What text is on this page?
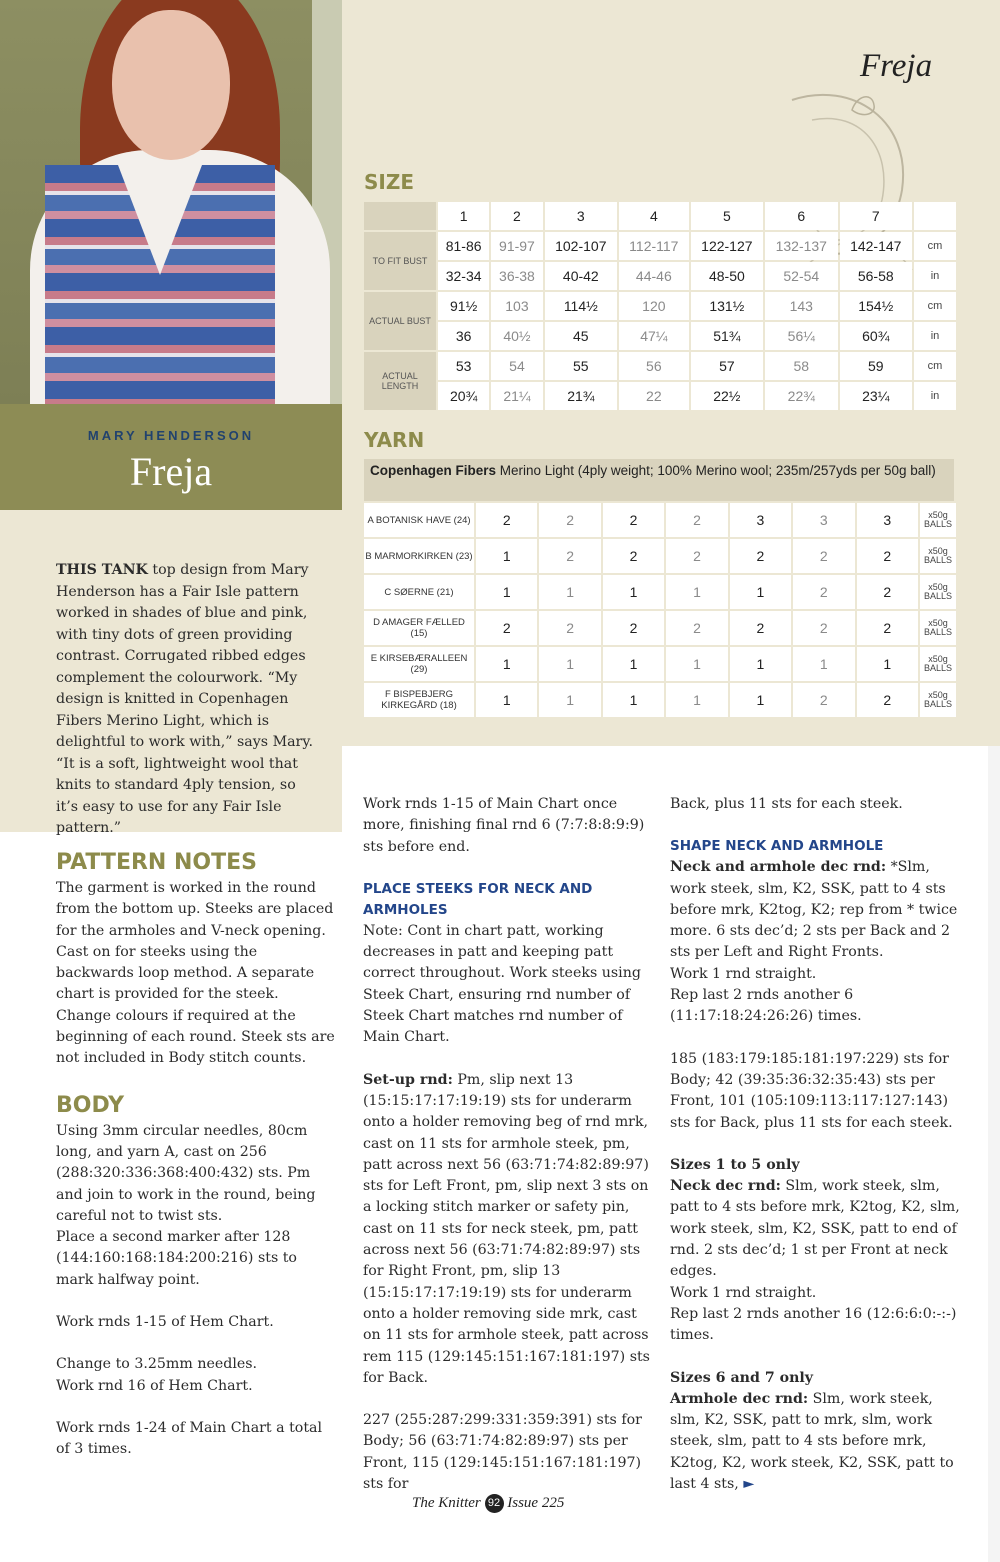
MARY HENDERSON
Freja
THIS TANK top design from Mary Henderson has a Fair Isle pattern worked in shades of blue and pink, with tiny dots of green providing contrast. Corrugated ribbed edges complement the colourwork. “My design is knitted in Copenhagen Fibers Merino Light, which is delightful to work with,” says Mary. “It is a soft, lightweight wool that knits to standard 4ply tension, so it’s easy to use for any Fair Isle pattern.”
Freja
SIZE
	1	2	3	4	5	6	7	
TO FIT BUST	81-86	91-97	102-107	112-117	122-127	132-137	142-147	cm
	32-34	36-38	40-42	44-46	48-50	52-54	56-58	in
ACTUAL BUST	91½	103	114½	120	131½	143	154½	cm
	36	40½	45	47¼	51¾	56¼	60¾	in
ACTUAL LENGTH	53	54	55	56	57	58	59	cm
	20¾	21¼	21¾	22	22½	22¾	23¼	in
YARN
Copenhagen Fibers Merino Light (4ply weight; 100% Merino wool; 235m/257yds per 50g ball)
A BOTANISK HAVE (24)	2	2	2	2	3	3	3	x50g BALLS
B MARMORKIRKEN (23)	1	2	2	2	2	2	2	x50g BALLS
C SØERNE (21)	1	1	1	1	1	2	2	x50g BALLS
D AMAGER FÆLLED (15)	2	2	2	2	2	2	2	x50g BALLS
E KIRSEBÆRALLEEN (29)	1	1	1	1	1	1	1	x50g BALLS
F BISPEBJERG KIRKEGÅRD (18)	1	1	1	1	1	2	2	x50g BALLS
PATTERN NOTES

The garment is worked in the round from the bottom up. Steeks are placed for the armholes and V-neck opening. Cast on for steeks using the backwards loop method. A separate chart is provided for the steek. Change colours if required at the beginning of each round. Steek sts are not included in Body stitch counts.

BODY

Using 3mm circular needles, 80cm long, and yarn A, cast on 256 (288:320:336:368:400:432) sts. Pm and join to work in the round, being careful not to twist sts.

Place a second marker after 128 (144:160:168:184:200:216) sts to mark halfway point.

Work rnds 1-15 of Hem Chart.

Change to 3.25mm needles.

Work rnd 16 of Hem Chart.

Work rnds 1-24 of Main Chart a total of 3 times.

Work rnds 1-15 of Main Chart once more, finishing final rnd 6 (7:7:8:8:9:9) sts before end.

PLACE STEEKS FOR NECK AND ARMHOLES

Note: Cont in chart patt, working decreases in patt and keeping patt correct throughout. Work steeks using Steek Chart, ensuring rnd number of Steek Chart matches rnd number of Main Chart.

Set-up rnd: Pm, slip next 13 (15:15:17:17:19:19) sts for underarm onto a holder removing beg of rnd mrk, cast on 11 sts for armhole steek, pm, patt across next 56 (63:71:74:82:89:97) sts for Left Front, pm, slip next 3 sts on a locking stitch marker or safety pin, cast on 11 sts for neck steek, pm, patt across next 56 (63:71:74:82:89:97) sts for Right Front, pm, slip 13 (15:15:17:17:19:19) sts for underarm onto a holder removing side mrk, cast on 11 sts for armhole steek, patt across rem 115 (129:145:151:167:181:197) sts for Back.

227 (255:287:299:331:359:391) sts for Body; 56 (63:71:74:82:89:97) sts per Front, 115 (129:145:151:167:181:197) sts for

Back, plus 11 sts for each steek.

SHAPE NECK AND ARMHOLE

Neck and armhole dec rnd: *Slm, work steek, slm, K2, SSK, patt to 4 sts before mrk, K2tog, K2; rep from * twice more. 6 sts dec’d; 2 sts per Back and 2 sts per Left and Right Fronts.

Work 1 rnd straight.

Rep last 2 rnds another 6 (11:17:18:24:26:26) times.

185 (183:179:185:181:197:229) sts for Body; 42 (39:35:36:32:35:43) sts per Front, 101 (105:109:113:117:127:143) sts for Back, plus 11 sts for each steek.

Sizes 1 to 5 only

Neck dec rnd: Slm, work steek, slm, patt to 4 sts before mrk, K2tog, K2, slm, work steek, slm, K2, SSK, patt to end of rnd. 2 sts dec’d; 1 st per Front at neck edges.

Work 1 rnd straight.

Rep last 2 rnds another 16 (12:6:6:0:-:-) times.

Sizes 6 and 7 only

Armhole dec rnd: Slm, work steek, slm, K2, SSK, patt to mrk, slm, work steek, slm, patt to 4 sts before mrk, K2tog, K2, work steek, K2, SSK, patt to last 4 sts, ►

The Knitter 92 Issue 225
